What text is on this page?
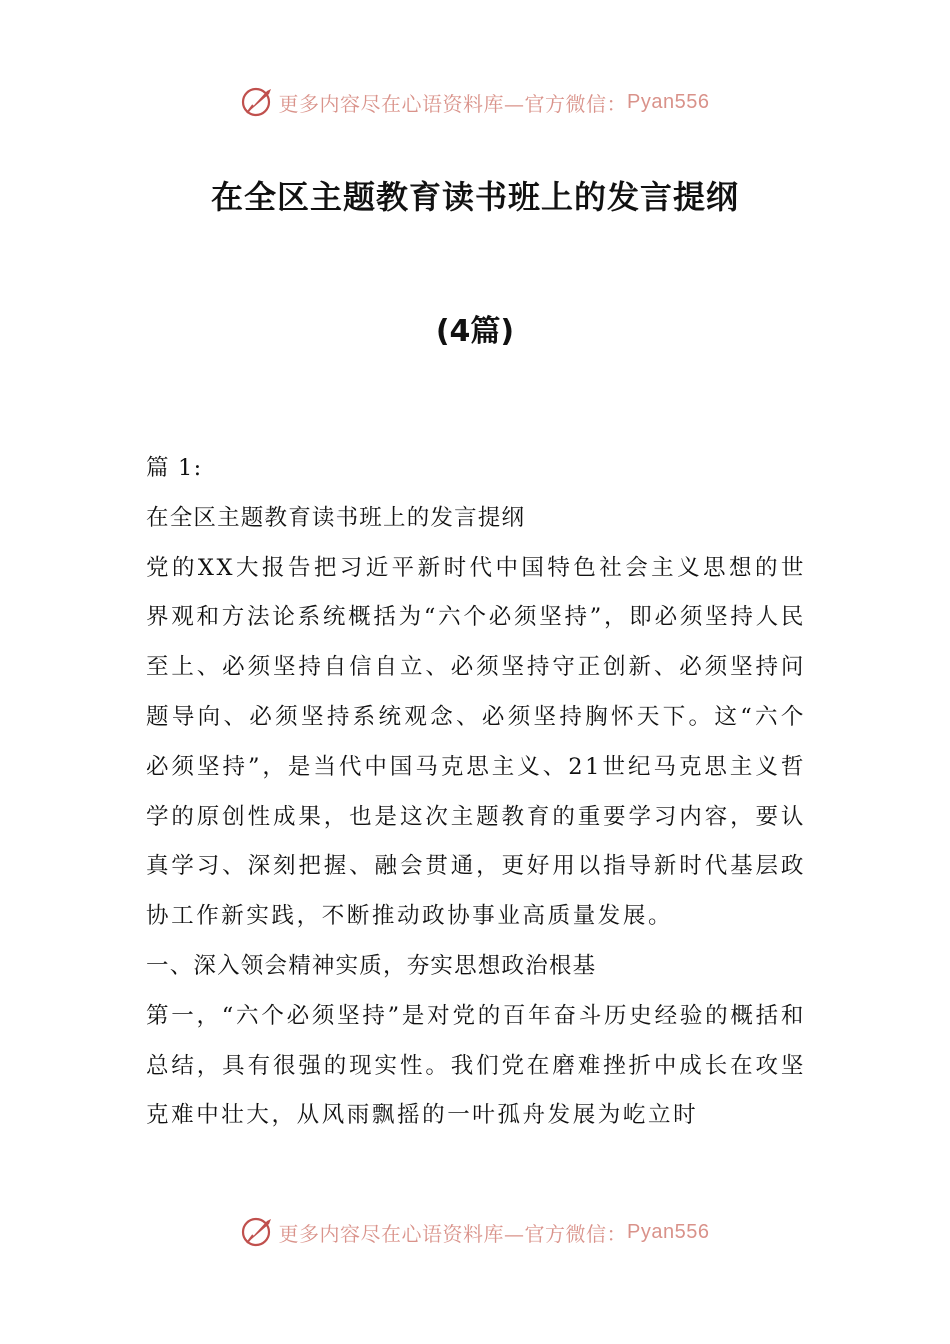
更多内容尽在心语资料库—官方微信： Pyan556
在全区主题教育读书班上的发言提纲
(4篇)

篇 1:

在全区主题教育读书班上的发言提纲

党的XX大报告把习近平新时代中国特色社会主义思想的世界观和方法论系统概括为“六个必须坚持”，即必须坚持人民至上、必须坚持自信自立、必须坚持守正创新、必须坚持问题导向、必须坚持系统观念、必须坚持胸怀天下。这“六个必须坚持”，是当代中国马克思主义、21世纪马克思主义哲学的原创性成果，也是这次主题教育的重要学习内容，要认真学习、深刻把握、融会贯通，更好用以指导新时代基层政协工作新实践，不断推动政协事业高质量发展。

一、深入领会精神实质，夯实思想政治根基

第一，“六个必须坚持”是对党的百年奋斗历史经验的概括和总结，具有很强的现实性。我们党在磨难挫折中成长在攻坚克难中壮大，从风雨飘摇的一叶孤舟发展为屹立时

更多内容尽在心语资料库—官方微信： Pyan556
